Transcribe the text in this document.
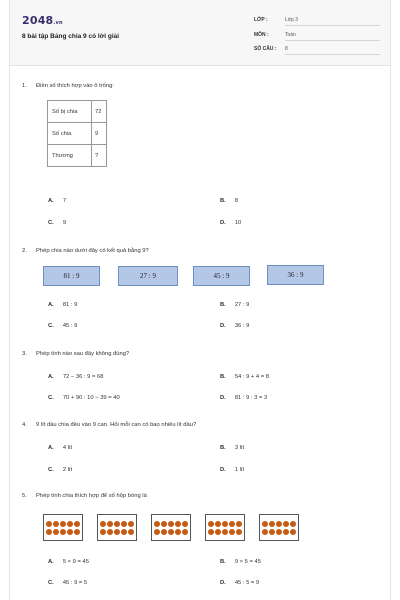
2048.vn
8 bài tập Bảng chia 9 có lời giải
LỚP :	Lớp 3
MÔN :	Toán
SỐ CÂU :	8
1. Điền số thích hợp vào ô trống:
Số bị chia	72
Số chia	9
Thương	?
A. 7	B. 8
C. 9	D. 10
2. Phép chia nào dưới đây có kết quả bằng 9?
81 : 9	27 : 9	45 : 9	36 : 9
A. 81 : 9	B. 27 : 9
C. 45 : 9	D. 36 : 9
3. Phép tính nào sau đây không đúng?
A. 72 − 36 : 9 = 68	B. 54 : 9 + 4 = 8
C. 70 + 90 : 10 − 39 = 40	D. 81 : 9 : 3 = 3
4. 9 lít dầu chia đều vào 9 can. Hỏi mỗi can có bao nhiêu lít dầu?
A. 4 lít	B. 3 lít
C. 2 lít	D. 1 lít
5. Phép tính chia thích hợp để số hộp bóng là
A. 5 × 9 = 45	B. 9 × 5 = 45
C. 45 : 9 = 5	D. 45 : 5 = 9
